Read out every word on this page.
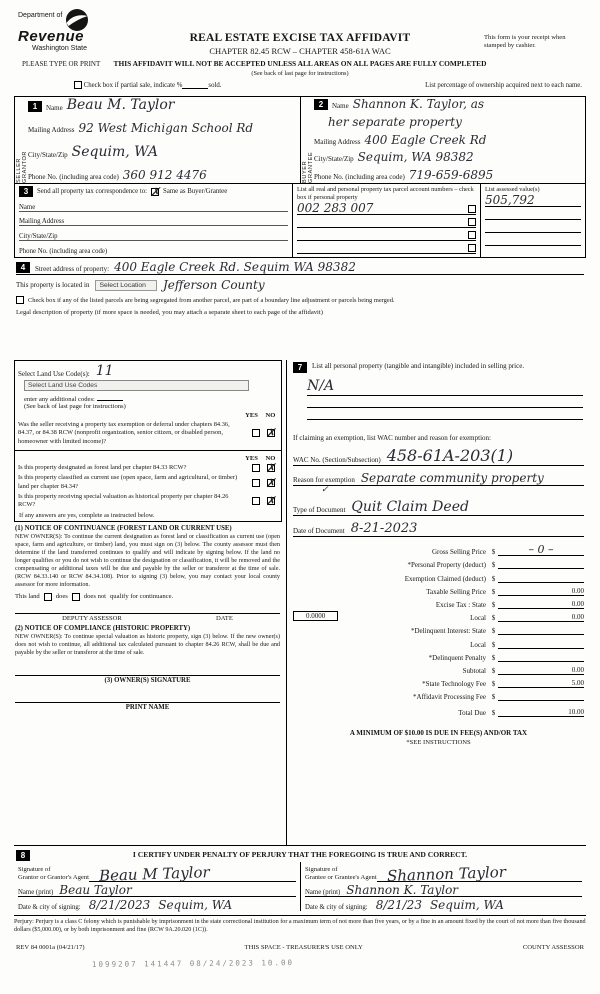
Department of
Revenue
Washington State
REAL ESTATE EXCISE TAX AFFIDAVIT
CHAPTER 82.45 RCW – CHAPTER 458-61A WAC
This form is your receipt when stamped by cashier.
PLEASE TYPE OR PRINT	THIS AFFIDAVIT WILL NOT BE ACCEPTED UNLESS ALL AREAS ON ALL PAGES ARE FULLY COMPLETED
(See back of last page for instructions)

Check box if partial sale, indicate %	sold.	List percentage of ownership acquired next to each name.
SELLER GRANTOR
1	Name Beau M. Taylor
Mailing Address 92 West Michigan School Rd
City/State/Zip Sequim, WA
Phone No. (including area code) 360 912 4476	BUYER GRANTEE
2	Name Shannon K. Taylor, as
her separate property
Mailing Address 400 Eagle Creek Rd
City/State/Zip Sequim, WA 98382
Phone No. (including area code) 719-659-6895
3	Send all property tax correspondence to: ✗ Same as Buyer/Grantee
Name
Mailing Address
City/State/Zip
Phone No. (including area code)
List all real and personal property tax parcel account numbers – check box if personal property
002 283 007
List assessed value(s)
505,792
4	Street address of property: 400 Eagle Creek Rd. Sequim WA 98382
This property is located in	Select Location	Jefferson County
Check box if any of the listed parcels are being segregated from another parcel, are part of a boundary line adjustment or parcels being merged.
Legal description of property (if more space is needed, you may attach a separate sheet to each page of the affidavit)
Select Land Use Code(s): 11
Select Land Use Codes
enter any additional codes:
(See back of last page for instructions)
YES	NO
Was the seller receiving a property tax exemption or deferral under chapters 84.36, 84.37, or 84.38 RCW (nonprofit organization, senior citizen, or disabled person, homeowner with limited income)?
✗
YES	NO
Is this property designated as forest land per chapter 84.33 RCW?	✗
Is this property classified as current use (open space, farm and agricultural, or timber) land per chapter 84.34?	✗
Is this property receiving special valuation as historical property per chapter 84.26 RCW?	✗
If any answers are yes, complete as instructed below.
(1) NOTICE OF CONTINUANCE (FOREST LAND OR CURRENT USE)
NEW OWNER(S): To continue the current designation as forest land or classification as current use (open space, farm and agriculture, or timber) land, you must sign on (3) below. The county assessor must then determine if the land transferred continues to qualify and will indicate by signing below. If the land no longer qualifies or you do not wish to continue the designation or classification, it will be removed and the compensating or additional taxes will be due and payable by the seller or transferor at the time of sale. (RCW 84.33.140 or RCW 84.34.108). Prior to signing (3) below, you may contact your local county assessor for more information.
This land does does not qualify for continuance.
DEPUTY ASSESSOR	DATE
(2) NOTICE OF COMPLIANCE (HISTORIC PROPERTY)
NEW OWNER(S): To continue special valuation as historic property, sign (3) below. If the new owner(s) does not wish to continue, all additional tax calculated pursuant to chapter 84.26 RCW, shall be due and payable by the seller or transferor at the time of sale.
(3) OWNER(S) SIGNATURE
PRINT NAME
7	List all personal property (tangible and intangible) included in selling price.
N/A
If claiming an exemption, list WAC number and reason for exemption:
WAC No. (Section/Subsection) 458-61A-203(1)
Reason for exemption Separate community property
✓
Type of Document Quit Claim Deed
Date of Document 8-21-2023
Gross Selling Price $	– 0 –
*Personal Property (deduct) $
Exemption Claimed (deduct) $
Taxable Selling Price $	0.00
Excise Tax : State $	0.00
0.0000	Local $	0.00
*Delinquent Interest: State $
Local $
*Delinquent Penalty $
Subtotal $	0.00
*State Technology Fee $	5.00
*Affidavit Processing Fee $
Total Due $	10.00
A MINIMUM OF $10.00 IS DUE IN FEE(S) AND/OR TAX
*SEE INSTRUCTIONS
8	I CERTIFY UNDER PENALTY OF PERJURY THAT THE FOREGOING IS TRUE AND CORRECT.
Signature of
Grantor or Grantor's Agent Beau M Taylor
Name (print) Beau Taylor
Date & city of signing: 8/21/2023 Sequim, WA
Signature of
Grantee or Grantee's Agent Shannon Taylor
Name (print) Shannon K. Taylor
Date & city of signing: 8/21/23 Sequim, WA
Perjury: Perjury is a class C felony which is punishable by imprisonment in the state correctional institution for a maximum term of not more than five years, or by a fine in an amount fixed by the court of not more than five thousand dollars ($5,000.00), or by both imprisonment and fine (RCW 9A.20.020 (1C)).
1099207 141447 08/24/2023 10.00
REV 84 0001a (04/21/17)	THIS SPACE - TREASURER'S USE ONLY	COUNTY ASSESSOR
